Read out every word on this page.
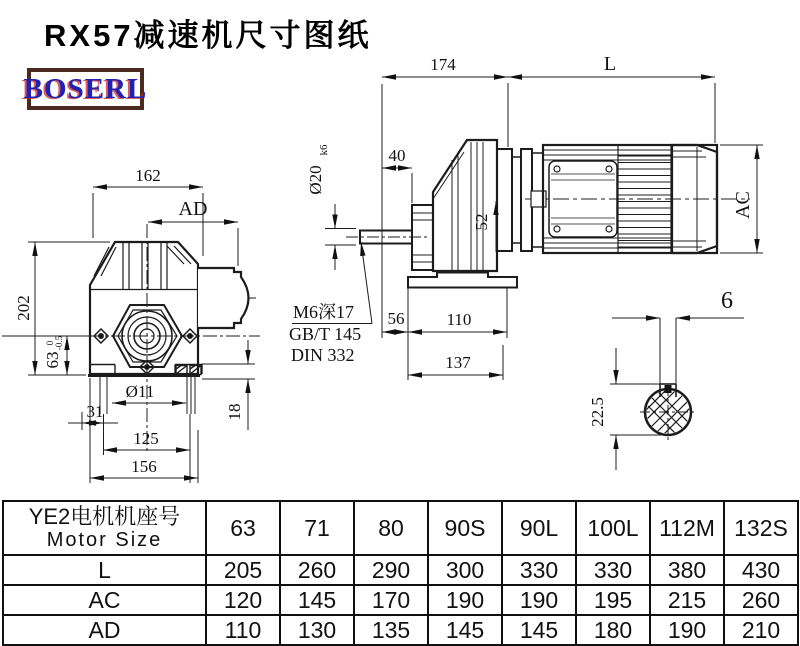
RX57减速机尺寸图纸
BOSERL
162
AD
202
63
0 -0.5
31
Ø11
125
156
18
174	L
40
Ø20
k6
52
56 110
137
AC
M6深17
GB/T 145
DIN 332
6
22.5
YE2电机机座号
Motor Size	63	71	80	90S	90L	100L	112M	132S
L	205	260	290	300	330	330	380	430
AC	120	145	170	190	190	195	215	260
AD	110	130	135	145	145	180	190	210
